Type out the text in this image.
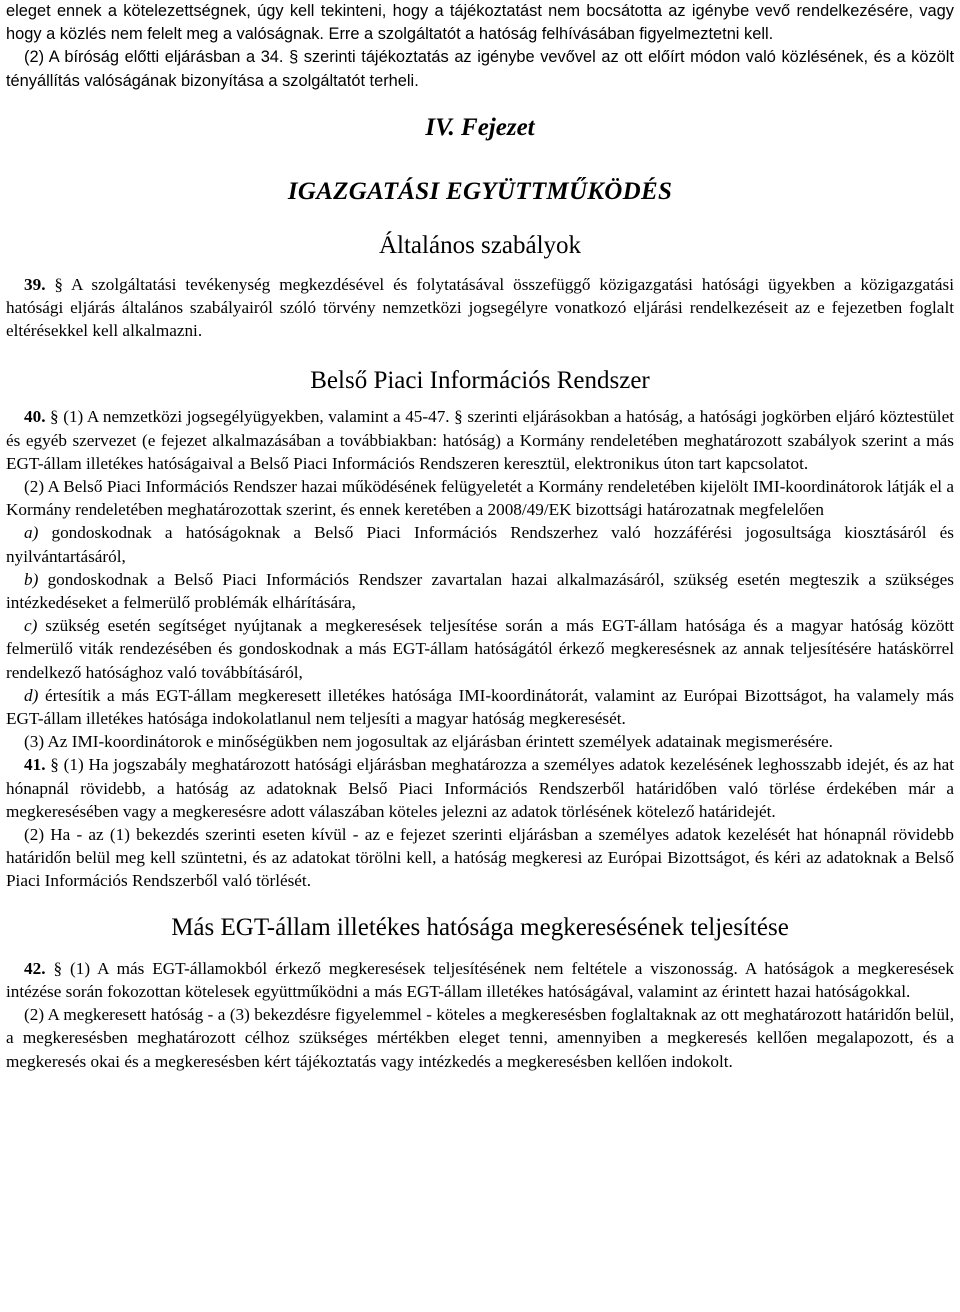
eleget ennek a kötelezettségnek, úgy kell tekinteni, hogy a tájékoztatást nem bocsátotta az igénybe vevő rendelkezésére, vagy hogy a közlés nem felelt meg a valóságnak. Erre a szolgáltatót a hatóság felhívásában figyelmeztetni kell.

(2) A bíróság előtti eljárásban a 34. § szerinti tájékoztatás az igénybe vevővel az ott előírt módon való közlésének, és a közölt tényállítás valóságának bizonyítása a szolgáltatót terheli.

IV. Fejezet
IGAZGATÁSI EGYÜTTMŰKÖDÉS
Általános szabályok

39. § A szolgáltatási tevékenység megkezdésével és folytatásával összefüggő közigazgatási hatósági ügyekben a közigazgatási hatósági eljárás általános szabályairól szóló törvény nemzetközi jogsegélyre vonatkozó eljárási rendelkezéseit az e fejezetben foglalt eltérésekkel kell alkalmazni.

Belső Piaci Információs Rendszer

40. § (1) A nemzetközi jogsegélyügyekben, valamint a 45-47. § szerinti eljárásokban a hatóság, a hatósági jogkörben eljáró köztestület és egyéb szervezet (e fejezet alkalmazásában a továbbiakban: hatóság) a Kormány rendeletében meghatározott szabályok szerint a más EGT-állam illetékes hatóságaival a Belső Piaci Információs Rendszeren keresztül, elektronikus úton tart kapcsolatot.

(2) A Belső Piaci Információs Rendszer hazai működésének felügyeletét a Kormány rendeletében kijelölt IMI-koordinátorok látják el a Kormány rendeletében meghatározottak szerint, és ennek keretében a 2008/49/EK bizottsági határozatnak megfelelően

a) gondoskodnak a hatóságoknak a Belső Piaci Információs Rendszerhez való hozzáférési jogosultsága kiosztásáról és nyilvántartásáról,

b) gondoskodnak a Belső Piaci Információs Rendszer zavartalan hazai alkalmazásáról, szükség esetén megteszik a szükséges intézkedéseket a felmerülő problémák elhárítására,

c) szükség esetén segítséget nyújtanak a megkeresések teljesítése során a más EGT-állam hatósága és a magyar hatóság között felmerülő viták rendezésében és gondoskodnak a más EGT-állam hatóságától érkező megkeresésnek az annak teljesítésére hatáskörrel rendelkező hatósághoz való továbbításáról,

d) értesítik a más EGT-állam megkeresett illetékes hatósága IMI-koordinátorát, valamint az Európai Bizottságot, ha valamely más EGT-állam illetékes hatósága indokolatlanul nem teljesíti a magyar hatóság megkeresését.

(3) Az IMI-koordinátorok e minőségükben nem jogosultak az eljárásban érintett személyek adatainak megismerésére.

41. § (1) Ha jogszabály meghatározott hatósági eljárásban meghatározza a személyes adatok kezelésének leghosszabb idejét, és az hat hónapnál rövidebb, a hatóság az adatoknak Belső Piaci Információs Rendszerből határidőben való törlése érdekében már a megkeresésében vagy a megkeresésre adott válaszában köteles jelezni az adatok törlésének kötelező határidejét.

(2) Ha - az (1) bekezdés szerinti eseten kívül - az e fejezet szerinti eljárásban a személyes adatok kezelését hat hónapnál rövidebb határidőn belül meg kell szüntetni, és az adatokat törölni kell, a hatóság megkeresi az Európai Bizottságot, és kéri az adatoknak a Belső Piaci Információs Rendszerből való törlését.

Más EGT-állam illetékes hatósága megkeresésének teljesítése

42. § (1) A más EGT-államokból érkező megkeresések teljesítésének nem feltétele a viszonosság. A hatóságok a megkeresések intézése során fokozottan kötelesek együttműködni a más EGT-állam illetékes hatóságával, valamint az érintett hazai hatóságokkal.

(2) A megkeresett hatóság - a (3) bekezdésre figyelemmel - köteles a megkeresésben foglaltaknak az ott meghatározott határidőn belül, a megkeresésben meghatározott célhoz szükséges mértékben eleget tenni, amennyiben a megkeresés kellően megalapozott, és a megkeresés okai és a megkeresésben kért tájékoztatás vagy intézkedés a megkeresésben kellően indokolt.
